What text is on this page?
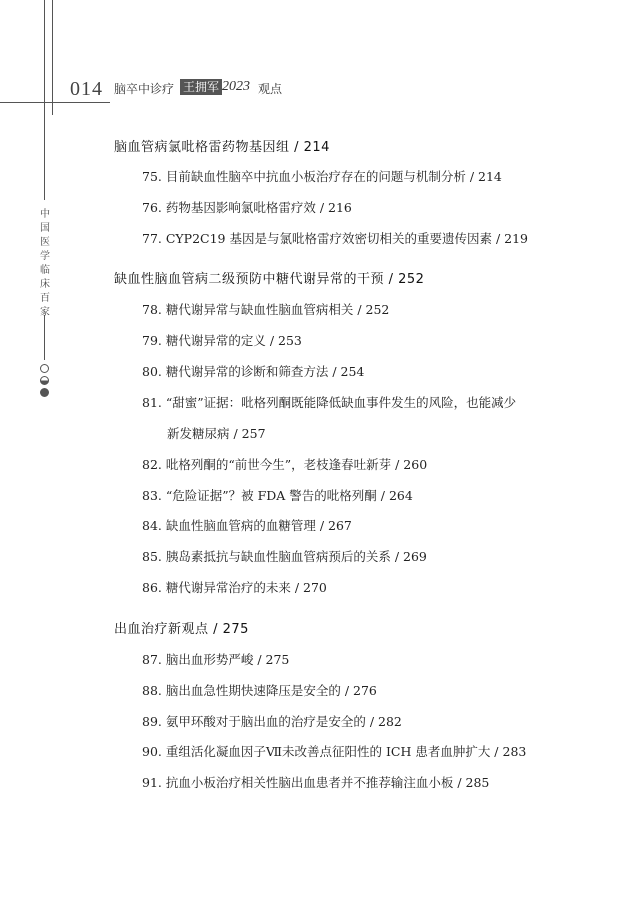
014 脑卒中诊疗 王拥军 2023 观点
中国医学临床百家
脑血管病氯吡格雷药物基因组 / 214
75. 目前缺血性脑卒中抗血小板治疗存在的问题与机制分析 / 214
76. 药物基因影响氯吡格雷疗效 / 216
77. CYP2C19 基因是与氯吡格雷疗效密切相关的重要遗传因素 / 219
缺血性脑血管病二级预防中糖代谢异常的干预 / 252
78. 糖代谢异常与缺血性脑血管病相关 / 252
79. 糖代谢异常的定义 / 253
80. 糖代谢异常的诊断和筛查方法 / 254
81. “甜蜜”证据：吡格列酮既能降低缺血事件发生的风险，也能减少
新发糖尿病 / 257
82. 吡格列酮的“前世今生”，老枝逢春吐新芽 / 260
83. “危险证据”？被 FDA 警告的吡格列酮 / 264
84. 缺血性脑血管病的血糖管理 / 267
85. 胰岛素抵抗与缺血性脑血管病预后的关系 / 269
86. 糖代谢异常治疗的未来 / 270
出血治疗新观点 / 275
87. 脑出血形势严峻 / 275
88. 脑出血急性期快速降压是安全的 / 276
89. 氨甲环酸对于脑出血的治疗是安全的 / 282
90. 重组活化凝血因子Ⅶ未改善点征阳性的 ICH 患者血肿扩大 / 283
91. 抗血小板治疗相关性脑出血患者并不推荐输注血小板 / 285
